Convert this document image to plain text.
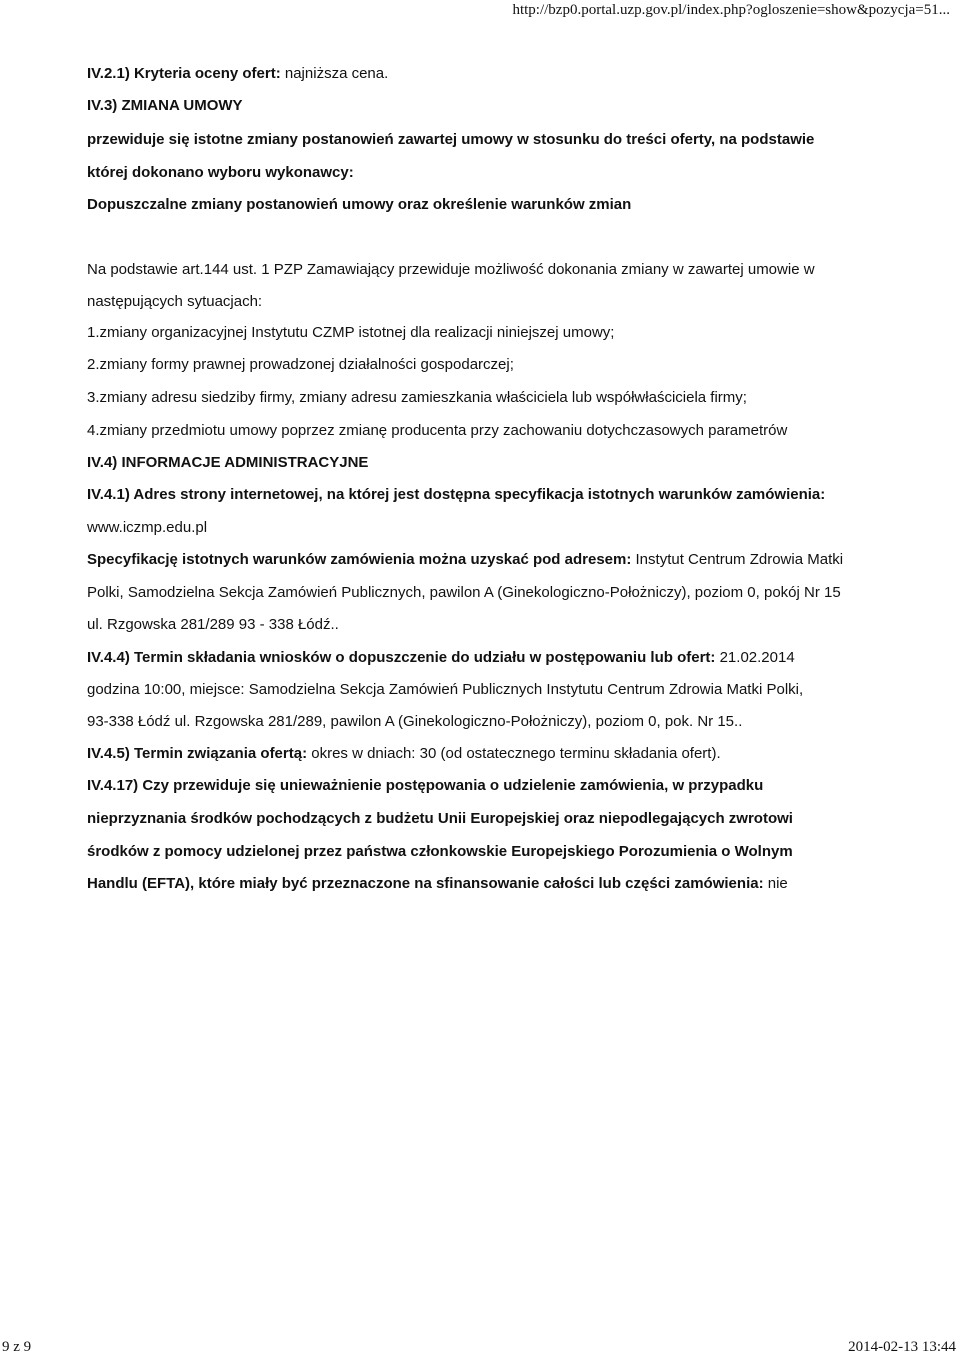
http://bzp0.portal.uzp.gov.pl/index.php?ogloszenie=show&pozycja=51...
IV.2.1) Kryteria oceny ofert: najniższa cena.
IV.3) ZMIANA UMOWY
przewiduje się istotne zmiany postanowień zawartej umowy w stosunku do treści oferty, na podstawie
której dokonano wyboru wykonawcy:
Dopuszczalne zmiany postanowień umowy oraz określenie warunków zmian
Na podstawie art.144 ust. 1 PZP Zamawiający przewiduje możliwość dokonania zmiany w zawartej umowie w
następujących sytuacjach:
1.zmiany organizacyjnej Instytutu CZMP istotnej dla realizacji niniejszej umowy;
2.zmiany formy prawnej prowadzonej działalności gospodarczej;
3.zmiany adresu siedziby firmy, zmiany adresu zamieszkania właściciela lub współwłaściciela firmy;
4.zmiany przedmiotu umowy poprzez zmianę producenta przy zachowaniu dotychczasowych parametrów
IV.4) INFORMACJE ADMINISTRACYJNE
IV.4.1) Adres strony internetowej, na której jest dostępna specyfikacja istotnych warunków zamówienia:
www.iczmp.edu.pl
Specyfikację istotnych warunków zamówienia można uzyskać pod adresem: Instytut Centrum Zdrowia Matki
Polki, Samodzielna Sekcja Zamówień Publicznych, pawilon A (Ginekologiczno-Położniczy), poziom 0, pokój Nr 15
ul. Rzgowska 281/289 93 - 338 Łódź..
IV.4.4) Termin składania wniosków o dopuszczenie do udziału w postępowaniu lub ofert: 21.02.2014
godzina 10:00, miejsce: Samodzielna Sekcja Zamówień Publicznych Instytutu Centrum Zdrowia Matki Polki,
93-338 Łódź ul. Rzgowska 281/289, pawilon A (Ginekologiczno-Położniczy), poziom 0, pok. Nr 15..
IV.4.5) Termin związania ofertą: okres w dniach: 30 (od ostatecznego terminu składania ofert).
IV.4.17) Czy przewiduje się unieważnienie postępowania o udzielenie zamówienia, w przypadku
nieprzyznania środków pochodzących z budżetu Unii Europejskiej oraz niepodlegających zwrotowi
środków z pomocy udzielonej przez państwa członkowskie Europejskiego Porozumienia o Wolnym
Handlu (EFTA), które miały być przeznaczone na sfinansowanie całości lub części zamówienia: nie
9 z 9	2014-02-13 13:44
